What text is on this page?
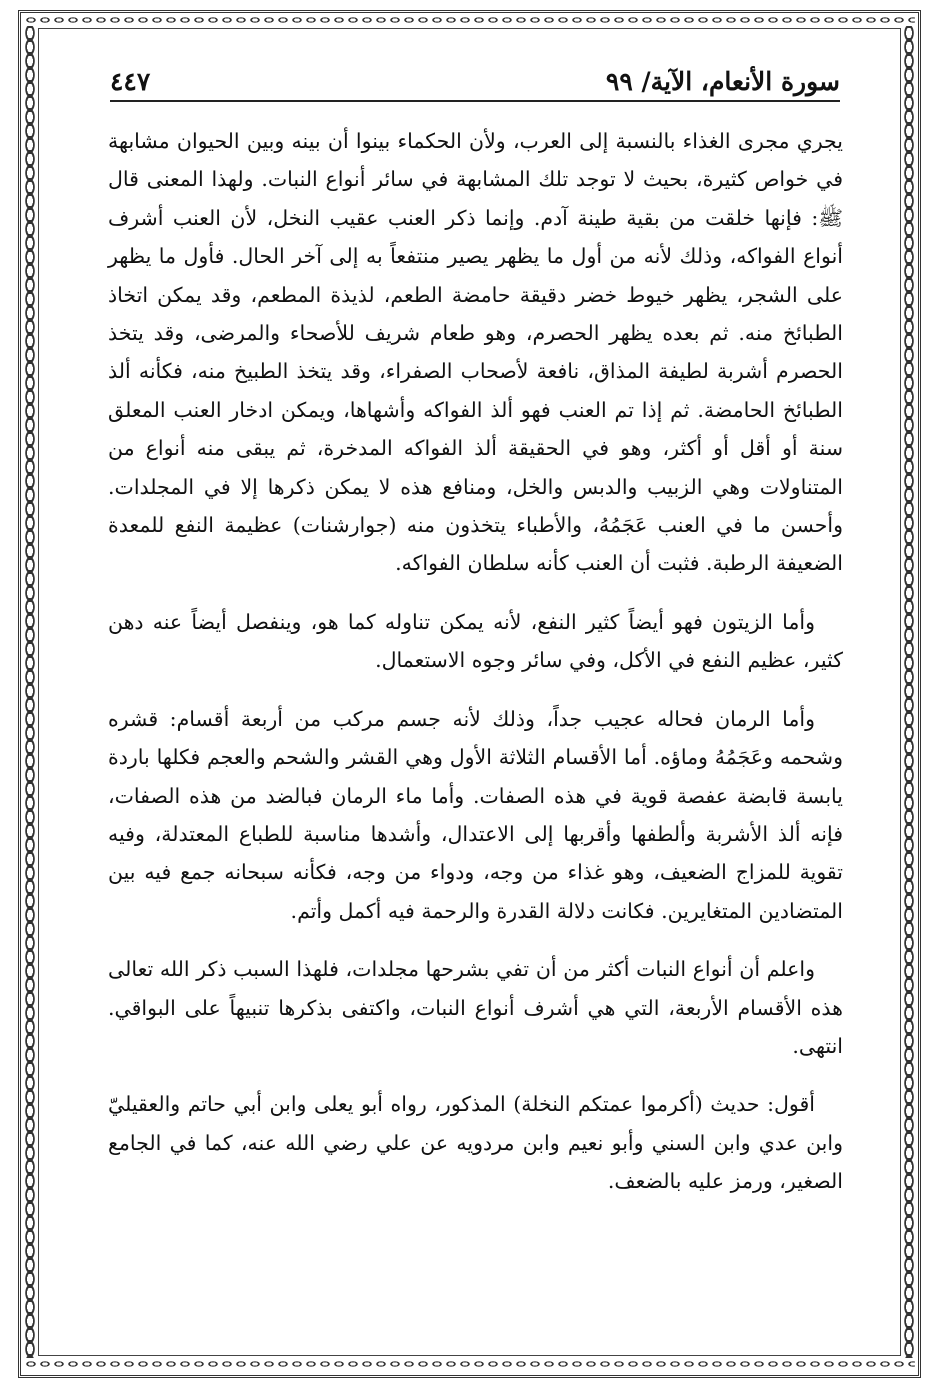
سورة الأنعام، الآية/ ٩٩
٤٤٧

يجري مجرى الغذاء بالنسبة إلى العرب، ولأن الحكماء بينوا أن بينه وبين الحيوان مشابهة في خواص كثيرة، بحيث لا توجد تلك المشابهة في سائر أنواع النبات. ولهذا المعنى قال ﷺ: فإنها خلقت من بقية طينة آدم. وإنما ذكر العنب عقيب النخل، لأن العنب أشرف أنواع الفواكه، وذلك لأنه من أول ما يظهر يصير منتفعاً به إلى آخر الحال. فأول ما يظهر على الشجر، يظهر خيوط خضر دقيقة حامضة الطعم، لذيذة المطعم، وقد يمكن اتخاذ الطبائخ منه. ثم بعده يظهر الحصرم، وهو طعام شريف للأصحاء والمرضى، وقد يتخذ الحصرم أشربة لطيفة المذاق، نافعة لأصحاب الصفراء، وقد يتخذ الطبيخ منه، فكأنه ألذ الطبائخ الحامضة. ثم إذا تم العنب فهو ألذ الفواكه وأشهاها، ويمكن ادخار العنب المعلق سنة أو أقل أو أكثر، وهو في الحقيقة ألذ الفواكه المدخرة، ثم يبقى منه أنواع من المتناولات وهي الزبيب والدبس والخل، ومنافع هذه لا يمكن ذكرها إلا في المجلدات. وأحسن ما في العنب عَجَمُهُ، والأطباء يتخذون منه (جوارشنات) عظيمة النفع للمعدة الضعيفة الرطبة. فثبت أن العنب كأنه سلطان الفواكه.

وأما الزيتون فهو أيضاً كثير النفع، لأنه يمكن تناوله كما هو، وينفصل أيضاً عنه دهن كثير، عظيم النفع في الأكل، وفي سائر وجوه الاستعمال.

وأما الرمان فحاله عجيب جداً، وذلك لأنه جسم مركب من أربعة أقسام: قشره وشحمه وعَجَمُهُ وماؤه. أما الأقسام الثلاثة الأول وهي القشر والشحم والعجم فكلها باردة يابسة قابضة عفصة قوية في هذه الصفات. وأما ماء الرمان فبالضد من هذه الصفات، فإنه ألذ الأشربة وألطفها وأقربها إلى الاعتدال، وأشدها مناسبة للطباع المعتدلة، وفيه تقوية للمزاج الضعيف، وهو غذاء من وجه، ودواء من وجه، فكأنه سبحانه جمع فيه بين المتضادين المتغايرين. فكانت دلالة القدرة والرحمة فيه أكمل وأتم.

واعلم أن أنواع النبات أكثر من أن تفي بشرحها مجلدات، فلهذا السبب ذكر الله تعالى هذه الأقسام الأربعة، التي هي أشرف أنواع النبات، واكتفى بذكرها تنبيهاً على البواقي. انتهى.

أقول: حديث (أكرموا عمتكم النخلة) المذكور، رواه أبو يعلى وابن أبي حاتم والعقيليّ وابن عدي وابن السني وأبو نعيم وابن مردويه عن علي رضي الله عنه، كما في الجامع الصغير، ورمز عليه بالضعف.
